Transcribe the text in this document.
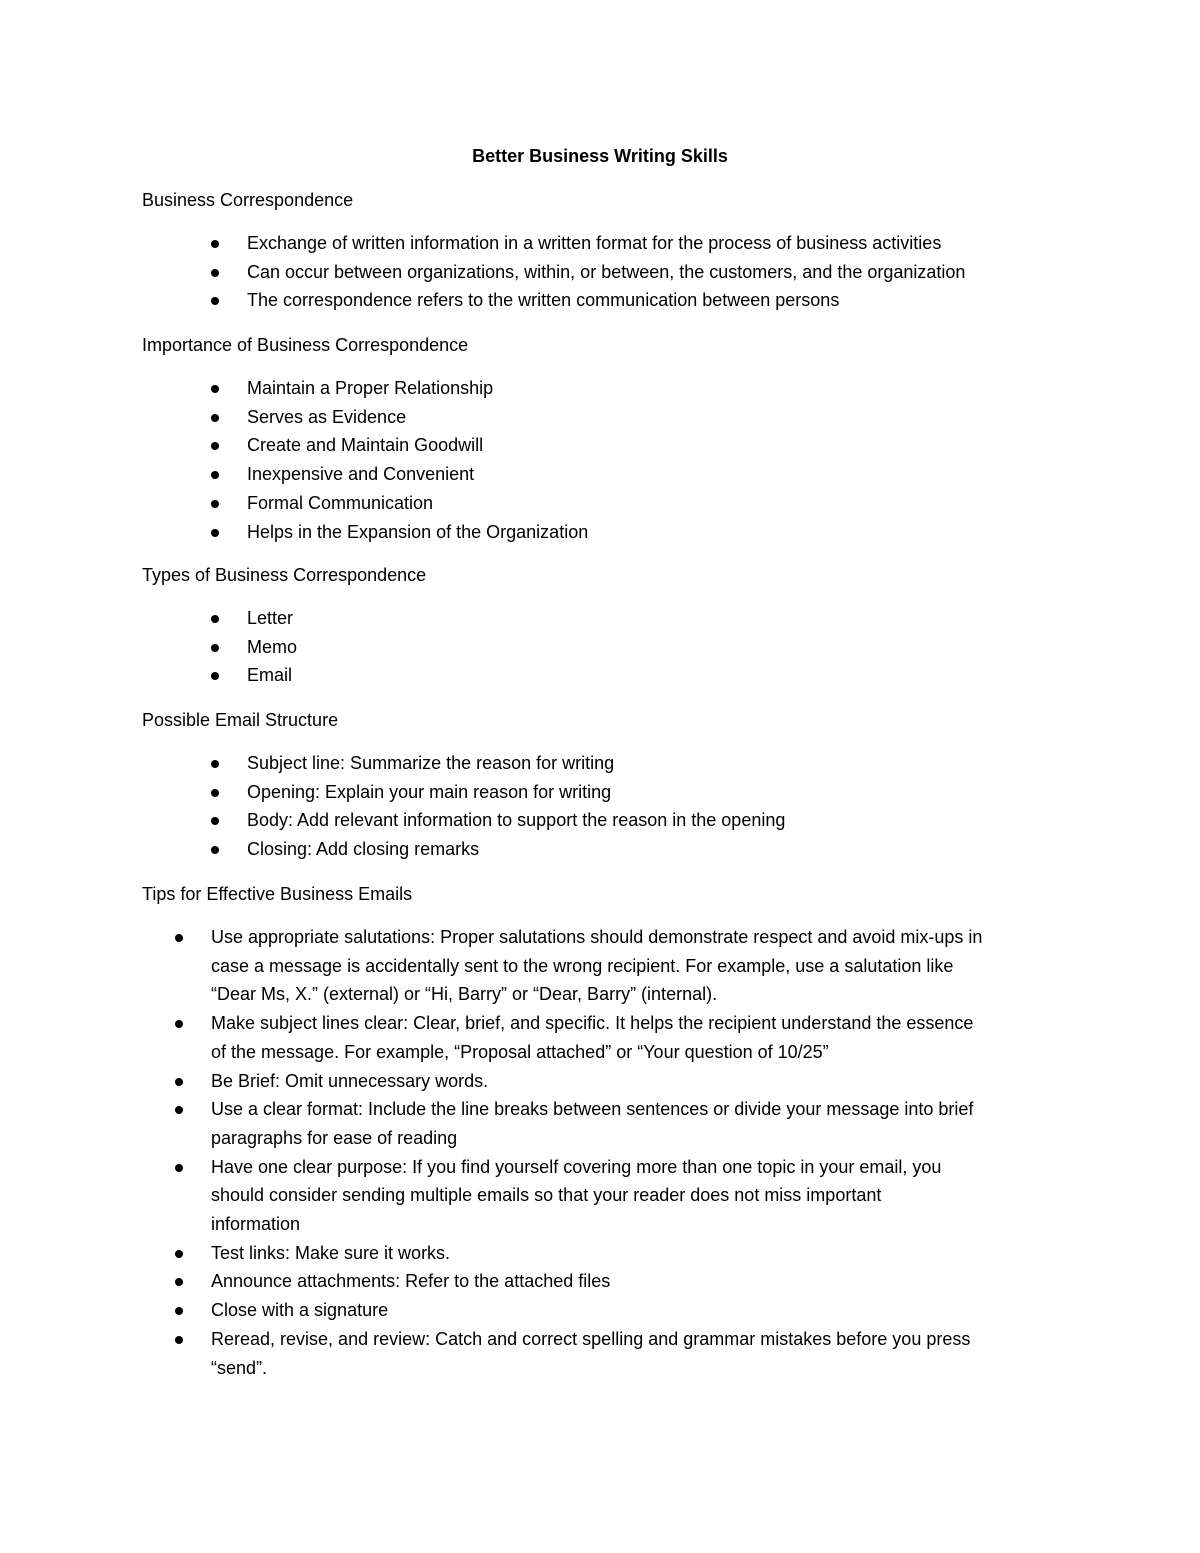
Better Business Writing Skills

Business Correspondence

Exchange of written information in a written format for the process of business activities
Can occur between organizations, within, or between, the customers, and the organization
The correspondence refers to the written communication between persons

Importance of Business Correspondence

Maintain a Proper Relationship
Serves as Evidence
Create and Maintain Goodwill
Inexpensive and Convenient
Formal Communication
Helps in the Expansion of the Organization

Types of Business Correspondence

Letter
Memo
Email

Possible Email Structure

Subject line: Summarize the reason for writing
Opening: Explain your main reason for writing
Body: Add relevant information to support the reason in the opening
Closing: Add closing remarks

Tips for Effective Business Emails

Use appropriate salutations: Proper salutations should demonstrate respect and avoid mix-ups in
case a message is accidentally sent to the wrong recipient. For example, use a salutation like
“Dear Ms, X.” (external) or “Hi, Barry” or “Dear, Barry” (internal).
Make subject lines clear: Clear, brief, and specific. It helps the recipient understand the essence
of the message. For example, “Proposal attached” or “Your question of 10/25”
Be Brief: Omit unnecessary words.
Use a clear format: Include the line breaks between sentences or divide your message into brief
paragraphs for ease of reading
Have one clear purpose: If you find yourself covering more than one topic in your email, you
should consider sending multiple emails so that your reader does not miss important
information
Test links: Make sure it works.
Announce attachments: Refer to the attached files
Close with a signature
Reread, revise, and review: Catch and correct spelling and grammar mistakes before you press
“send”.
